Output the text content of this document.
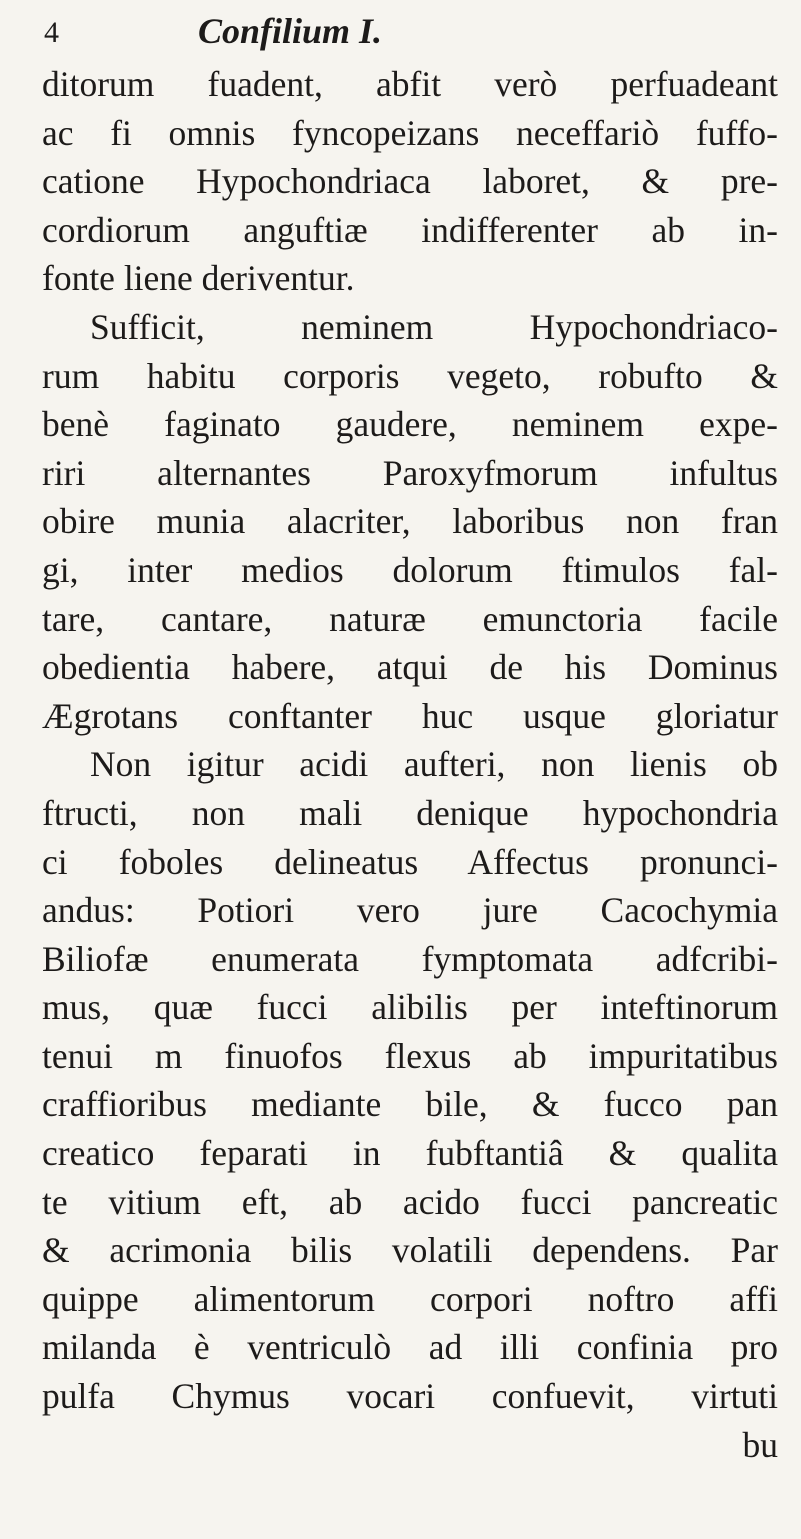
4	Confilium I.
ditorum fuadent, abfit verò perfuadeant
ac fi omnis fyncopeizans neceffariò fuffo-
catione Hypochondriaca laboret, & pre-
cordiorum anguftiæ indifferenter ab in-
fonte liene deriventur.
Sufficit, neminem Hypochondriaco-
rum habitu corporis vegeto, robufto &
benè faginato gaudere, neminem expe-
riri alternantes Paroxyfmorum infultus
obire munia alacriter, laboribus non fran
gi, inter medios dolorum ftimulos fal-
tare, cantare, naturæ emunctoria facile
obedientia habere, atqui de his Dominus
Ægrotans conftanter huc usque gloriatur
Non igitur acidi aufteri, non lienis ob
ftructi, non mali denique hypochondria
ci foboles delineatus Affectus pronunci-
andus: Potiori vero jure Cacochymia
Biliofæ enumerata fymptomata adfcribi-
mus, quæ fucci alibilis per inteftinorum
tenui m finuofos flexus ab impuritatibus
craffioribus mediante bile, & fucco pan
creatico feparati in fubftantiâ & qualita
te vitium eft, ab acido fucci pancreatic
& acrimonia bilis volatili dependens. Par
quippe alimentorum corpori noftro affi
milanda è ventriculò ad illi confinia pro
pulfa Chymus vocari confuevit, virtuti
bu
